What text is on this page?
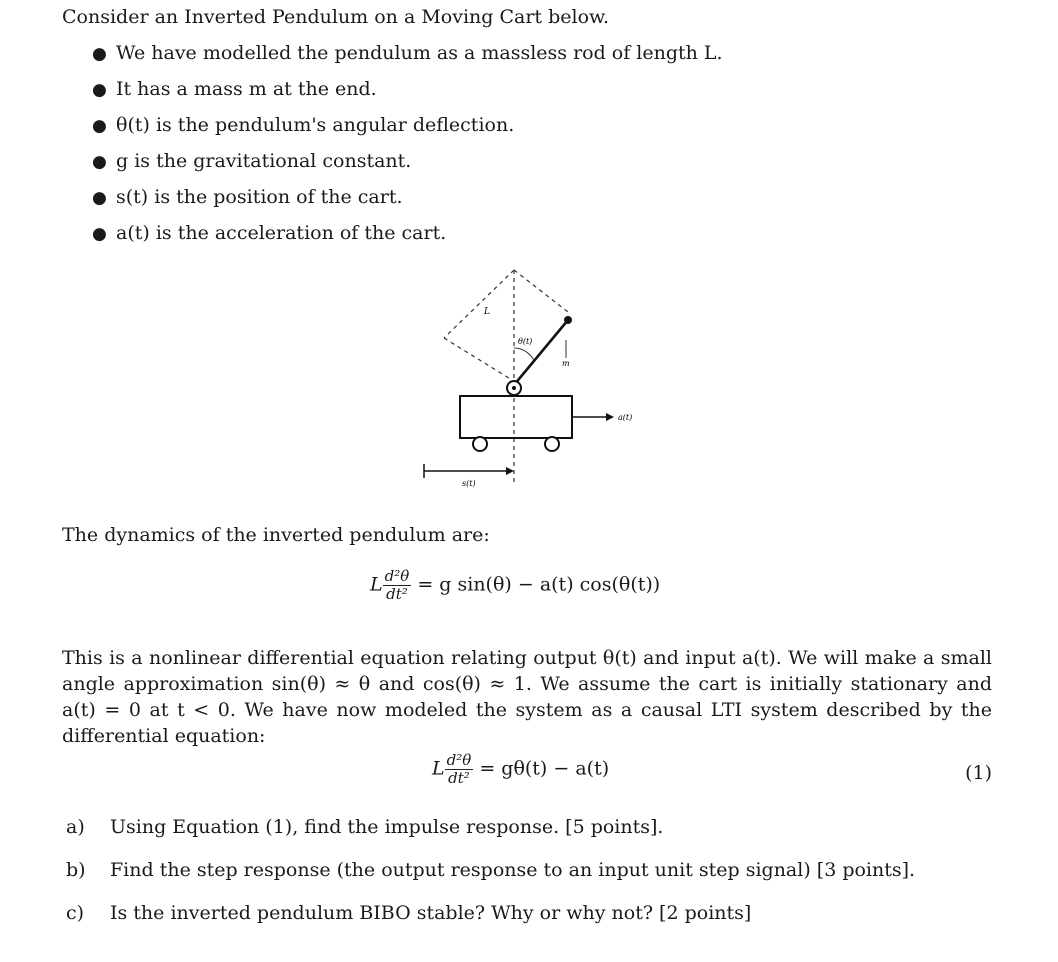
Consider an Inverted Pendulum on a Moving Cart below.
● We have modelled the pendulum as a massless rod of length L.
● It has a mass m at the end.
● θ(t) is the pendulum's angular deflection.
● g is the gravitational constant.
● s(t) is the position of the cart.
● a(t) is the acceleration of the cart.
L
θ(t)
m
a(t)
s(t)
The dynamics of the inverted pendulum are:
L $\frac{\text{d²θ}}{\text{dt²}} = g$ sin(θ) − a(t) cos(θ(t))
This is a nonlinear differential equation relating output θ(t) and input a(t). We will make a small angle approximation sin(θ) ≈ θ and cos(θ) ≈ 1. We assume the cart is initially stationary and a(t) = 0 at t < 0. We have now modeled the system as a causal LTI system described by the differential equation:
L $\frac{\text{d²θ}}{\text{dt²}} = g\theta(t) - a(t)$	(1)
a) Using Equation (1), find the impulse response. [5 points].
b) Find the step response (the output response to an input unit step signal) [3 points].
c) Is the inverted pendulum BIBO stable? Why or why not? [2 points]
